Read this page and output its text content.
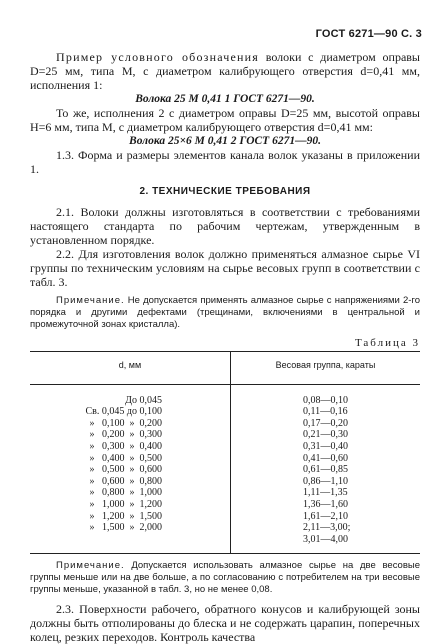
ГОСТ 6271—90 С. 3

Пример условного обозначения волоки с диаметром оправы D=25 мм, типа М, с диаметром калибрующего отверстия d=0,41 мм, исполнения 1:

Волока 25 М 0,41 1 ГОСТ 6271—90.

То же, исполнения 2 с диаметром оправы D=25 мм, высотой оправы H=6 мм, типа М, с диаметром калибрующего отверстия d=0,41 мм:

Волока 25×6 М 0,41 2 ГОСТ 6271—90.

1.3. Форма и размеры элементов канала волок указаны в приложении 1.

2. ТЕХНИЧЕСКИЕ ТРЕБОВАНИЯ

2.1. Волоки должны изготовляться в соответствии с требованиями настоящего стандарта по рабочим чертежам, утвержденным в установленном порядке.

2.2. Для изготовления волок должно применяться алмазное сырье VI группы по техническим условиям на сырье весовых групп в соответствии с табл. 3.

Примечание. Не допускается применять алмазное сырье с напряжениями 2-го порядка и другими дефектами (трещинами, включениями в центральной и промежуточной зонах кристалла).

Таблица 3
d, мм	Весовая группа, караты
До 0,045	0,08—0,10
Св. 0,045 до 0,100	0,11—0,16
»   0,100  »  0,200	0,17—0,20
»   0,200  »  0,300	0,21—0,30
»   0,300  »  0,400	0,31—0,40
»   0,400  »  0,500	0,41—0,60
»   0,500  »  0,600	0,61—0,85
»   0,600  »  0,800	0,86—1,10
»   0,800  »  1,000	1,11—1,35
»   1,000  »  1,200	1,36—1,60
»   1,200  »  1,500	1,61—2,10
»   1,500  »  2,000	2,11—3,00;
	3,01—4,00

Примечание. Допускается использовать алмазное сырье на две весовые группы меньше или на две больше, а по согласованию с потребителем на три весовые группы меньше, указанной в табл. 3, но не менее 0,08.

2.3. Поверхности рабочего, обратного конусов и калибрующей зоны должны быть отполированы до блеска и не содержать царапин, поперечных колец, резких переходов. Контроль качества
